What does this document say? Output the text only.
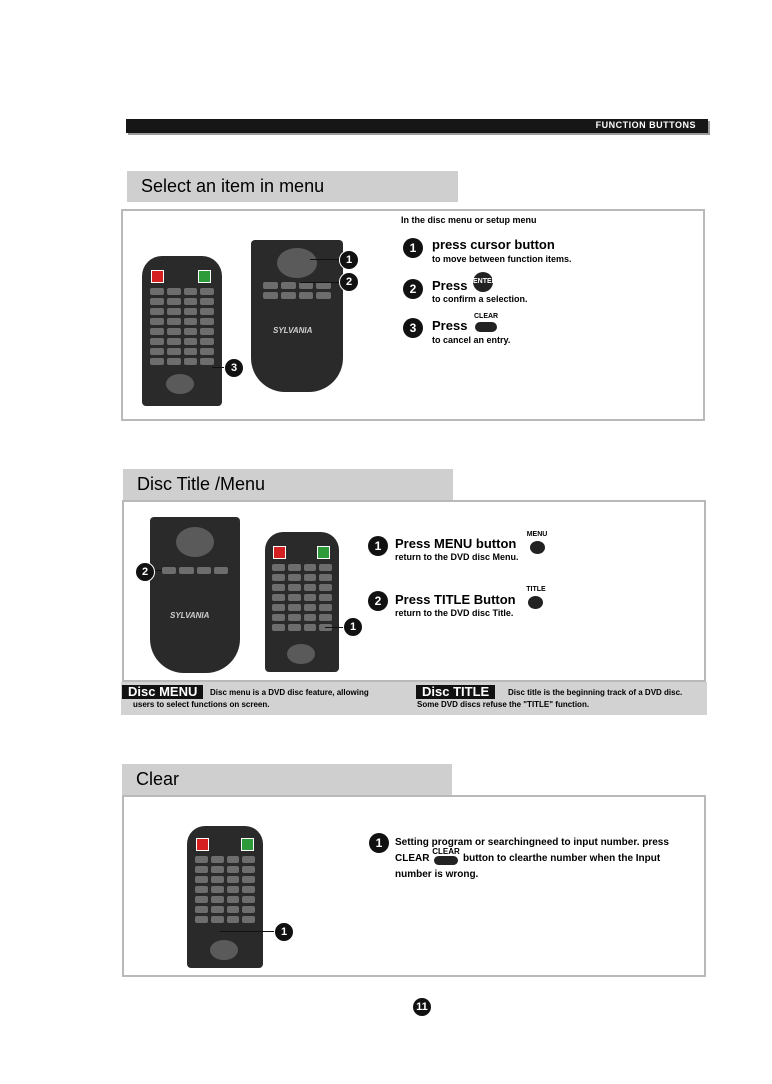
FUNCTION BUTTONS
Select an item in menu
3
SYLVANIA
1
2
In the disc menu or setup menu
1	press cursor button
to move between function items.
2	Press ENTER
to confirm a selection.
3	Press
CLEAR
to cancel an entry.
Disc Title /Menu
SYLVANIA
2
1
1	Press MENU button
return to the DVD disc Menu.
MENU
2	Press TITLE Button
return to the DVD disc Title.
TITLE
Disc MENU	Disc menu is a DVD disc feature, allowing
users to select functions on screen.
Disc TITLE	Disc title is the beginning track of a DVD disc.
Some DVD discs refuse the "TITLE" function.
Clear
1
1	Setting program or searchingneed to input number. press
CLEAR
CLEAR
button to clearthe number when the Input
number is wrong.
11
